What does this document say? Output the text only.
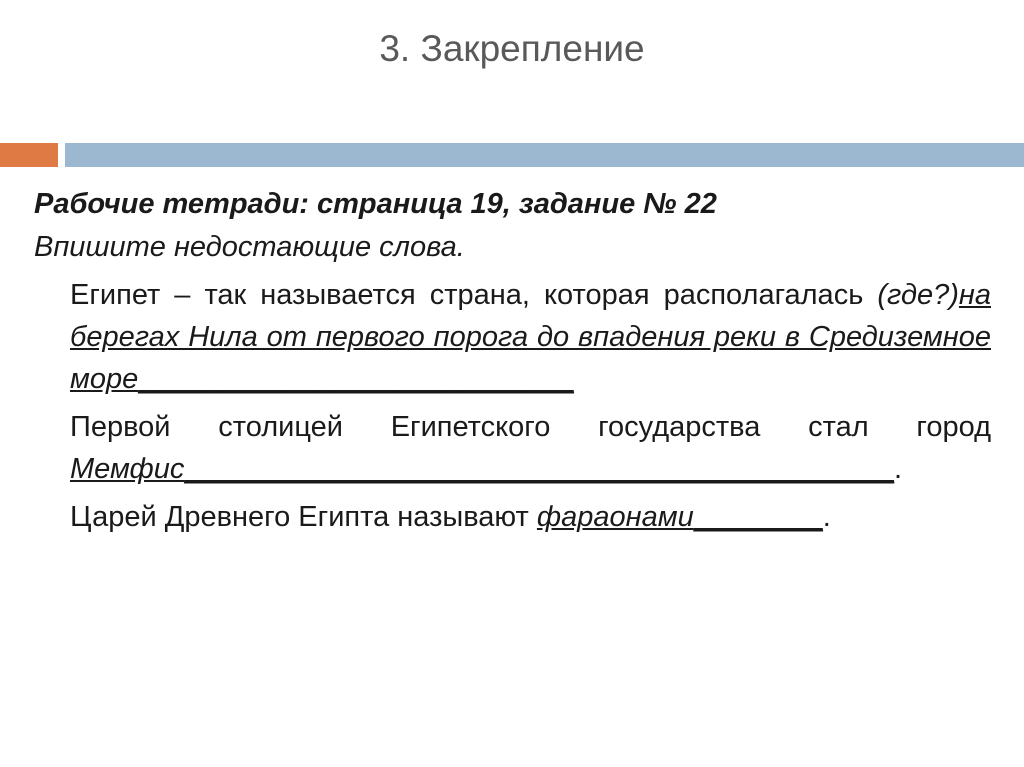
3. Закрепление
Рабочие тетради: страница 19, задание № 22
Впишите недостающие слова.
Египет – так называется страна, которая располагалась (где?)на берегах Нила от первого порога до впадения реки в Средиземное море___________________________
Первой столицей Египетского государства стал город Мемфис____________________________________________.
Царей Древнего Египта называют фараонами________.
